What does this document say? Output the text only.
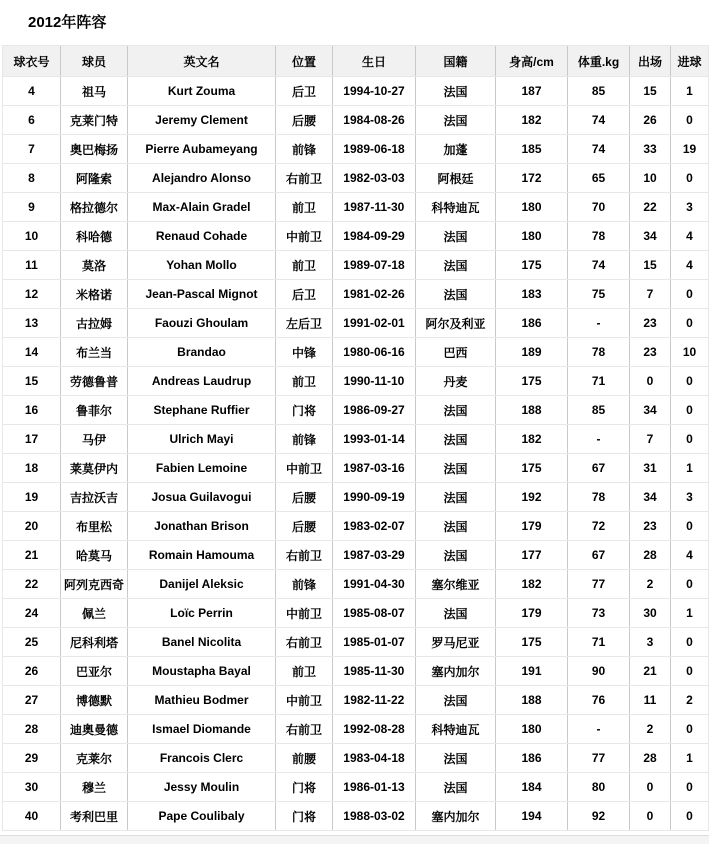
2012年阵容
球衣号	球员	英文名	位置	生日	国籍	身高/cm	体重.kg	出场	进球
4	祖马	Kurt Zouma	后卫	1994-10-27	法国	187	85	15	1
6	克莱门特	Jeremy Clement	后腰	1984-08-26	法国	182	74	26	0
7	奥巴梅扬	Pierre Aubameyang	前锋	1989-06-18	加蓬	185	74	33	19
8	阿隆索	Alejandro Alonso	右前卫	1982-03-03	阿根廷	172	65	10	0
9	格拉德尔	Max-Alain Gradel	前卫	1987-11-30	科特迪瓦	180	70	22	3
10	科哈德	Renaud Cohade	中前卫	1984-09-29	法国	180	78	34	4
11	莫洛	Yohan Mollo	前卫	1989-07-18	法国	175	74	15	4
12	米格诺	Jean-Pascal Mignot	后卫	1981-02-26	法国	183	75	7	0
13	古拉姆	Faouzi Ghoulam	左后卫	1991-02-01	阿尔及利亚	186	-	23	0
14	布兰当	Brandao	中锋	1980-06-16	巴西	189	78	23	10
15	劳德鲁普	Andreas Laudrup	前卫	1990-11-10	丹麦	175	71	0	0
16	鲁菲尔	Stephane Ruffier	门将	1986-09-27	法国	188	85	34	0
17	马伊	Ulrich Mayi	前锋	1993-01-14	法国	182	-	7	0
18	莱莫伊内	Fabien Lemoine	中前卫	1987-03-16	法国	175	67	31	1
19	吉拉沃吉	Josua Guilavogui	后腰	1990-09-19	法国	192	78	34	3
20	布里松	Jonathan Brison	后腰	1983-02-07	法国	179	72	23	0
21	哈莫马	Romain Hamouma	右前卫	1987-03-29	法国	177	67	28	4
22	阿列克西奇	Danijel Aleksic	前锋	1991-04-30	塞尔维亚	182	77	2	0
24	佩兰	Loïc Perrin	中前卫	1985-08-07	法国	179	73	30	1
25	尼科利塔	Banel Nicolita	右前卫	1985-01-07	罗马尼亚	175	71	3	0
26	巴亚尔	Moustapha Bayal	前卫	1985-11-30	塞内加尔	191	90	21	0
27	博德默	Mathieu Bodmer	中前卫	1982-11-22	法国	188	76	11	2
28	迪奥曼德	Ismael Diomande	右前卫	1992-08-28	科特迪瓦	180	-	2	0
29	克莱尔	Francois Clerc	前腰	1983-04-18	法国	186	77	28	1
30	穆兰	Jessy Moulin	门将	1986-01-13	法国	184	80	0	0
40	考利巴里	Pape Coulibaly	门将	1988-03-02	塞内加尔	194	92	0	0
